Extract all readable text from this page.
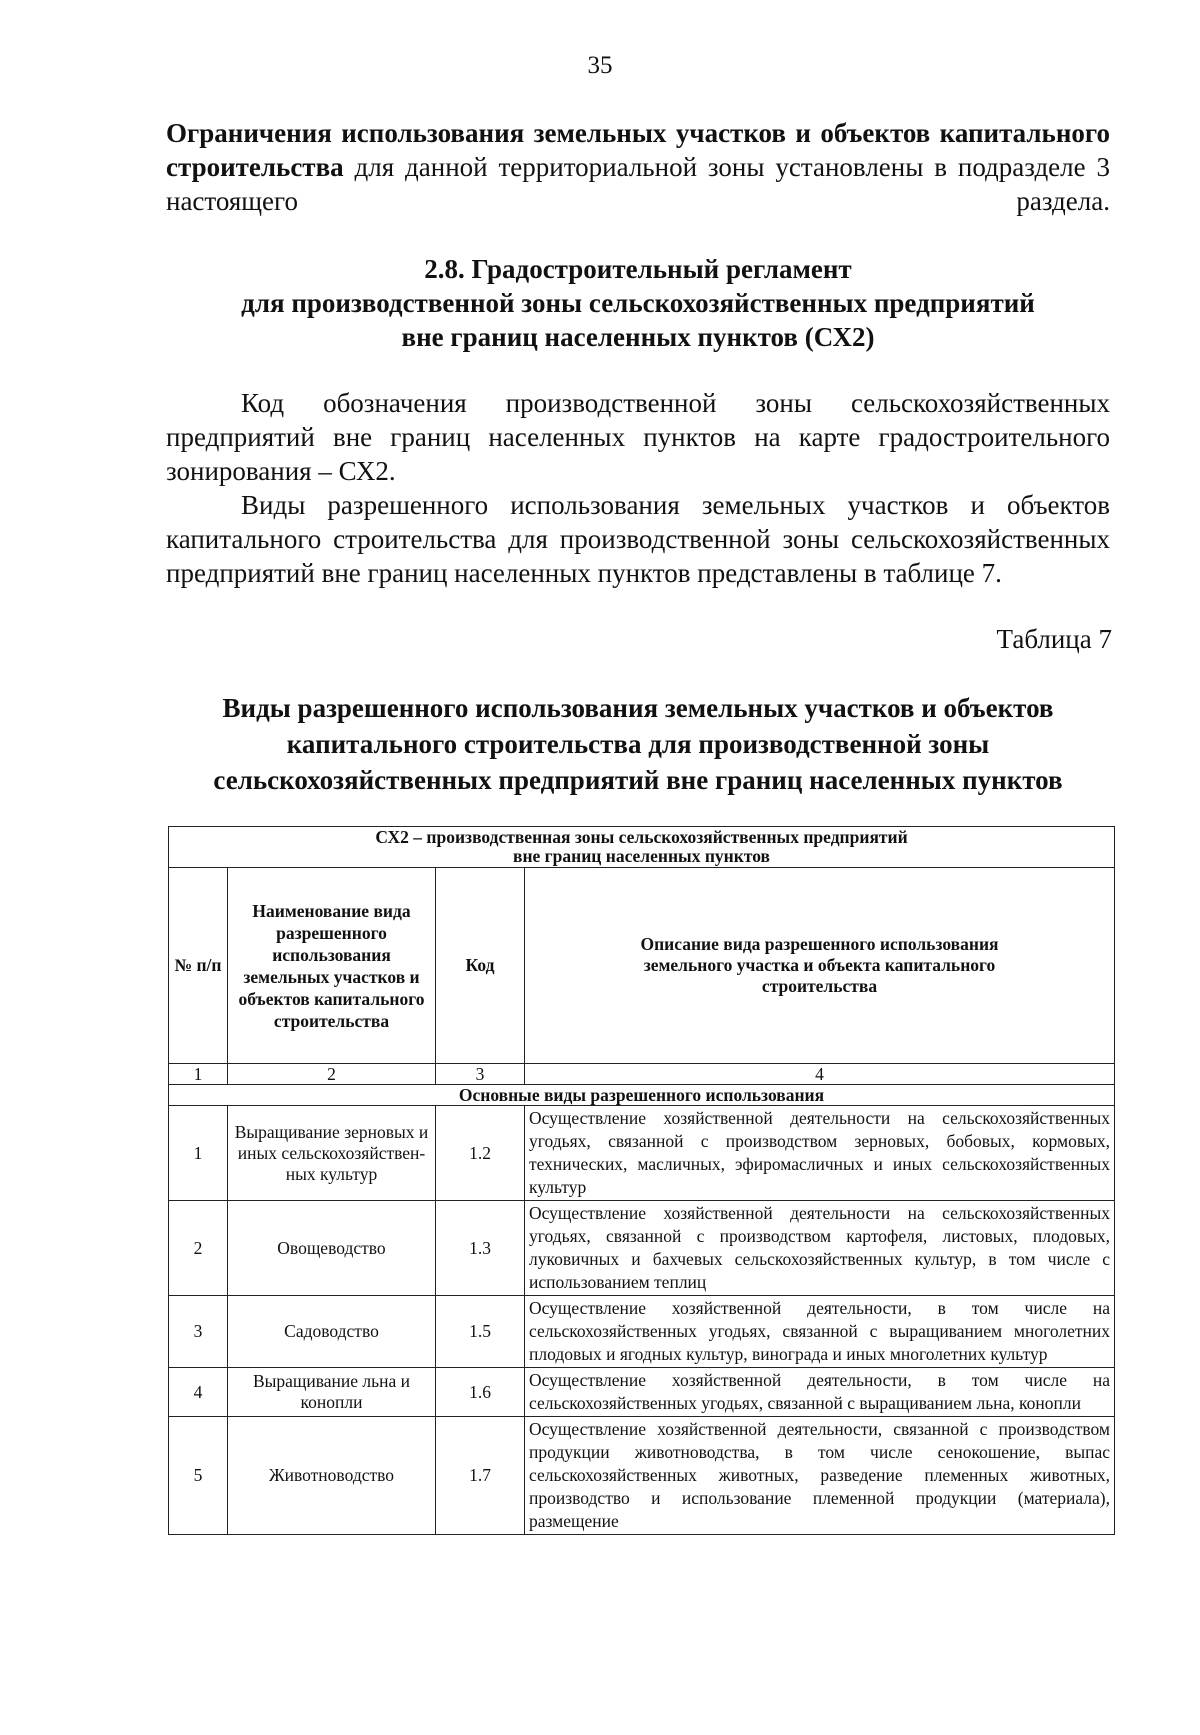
35

Ограничения использования земельных участков и объектов капитального строительства для данной территориальной зоны установлены в подразделе 3 настоящего раздела.

2.8. Градостроительный регламент
для производственной зоны сельскохозяйственных предприятий
вне границ населенных пунктов (СХ2)

Код обозначения производственной зоны сельскохозяйственных предприятий вне границ населенных пунктов на карте градостроительного зонирования – СХ2.

Виды разрешенного использования земельных участков и объектов капитального строительства для производственной зоны сельскохозяйственных предприятий вне границ населенных пунктов представлены в таблице 7.

Таблица 7
Виды разрешенного использования земельных участков и объектов
капитального строительства для производственной зоны
сельскохозяйственных предприятий вне границ населенных пунктов
СХ2 – производственная зоны сельскохозяйственных предприятий
вне границ населенных пунктов			

№ п/п	Наименование вида разрешенного использования земельных участков и объектов капитального строительства	Код	Описание вида разрешенного использования земельного участка и объекта капитального строительства
1	2	3	4
Основные виды разрешенного использования			
1	Выращивание зерновых и иных сельскохозяйствен-ных культур	1.2	Осуществление хозяйственной деятельности на сельскохозяйственных угодьях, связанной с производством зерновых, бобовых, кормовых, технических, масличных, эфиромасличных и иных сельскохозяйственных культур
2	Овощеводство	1.3	Осуществление хозяйственной деятельности на сельскохозяйственных угодьях, связанной с производством картофеля, листовых, плодовых, луковичных и бахчевых сельскохозяйственных культур, в том числе с использованием теплиц
3	Садоводство	1.5	Осуществление хозяйственной деятельности, в том числе на сельскохозяйственных угодьях, связанной с выращиванием многолетних плодовых и ягодных культур, винограда и иных многолетних культур
4	Выращивание льна и конопли	1.6	Осуществление хозяйственной деятельности, в том числе на сельскохозяйственных угодьях, связанной с выращиванием льна, конопли
5	Животноводство	1.7	Осуществление хозяйственной деятельности, связанной с производством продукции животноводства, в том числе сенокошение, выпас сельскохозяйственных животных, разведение племенных животных, производство и использование племенной продукции (материала), размещение
